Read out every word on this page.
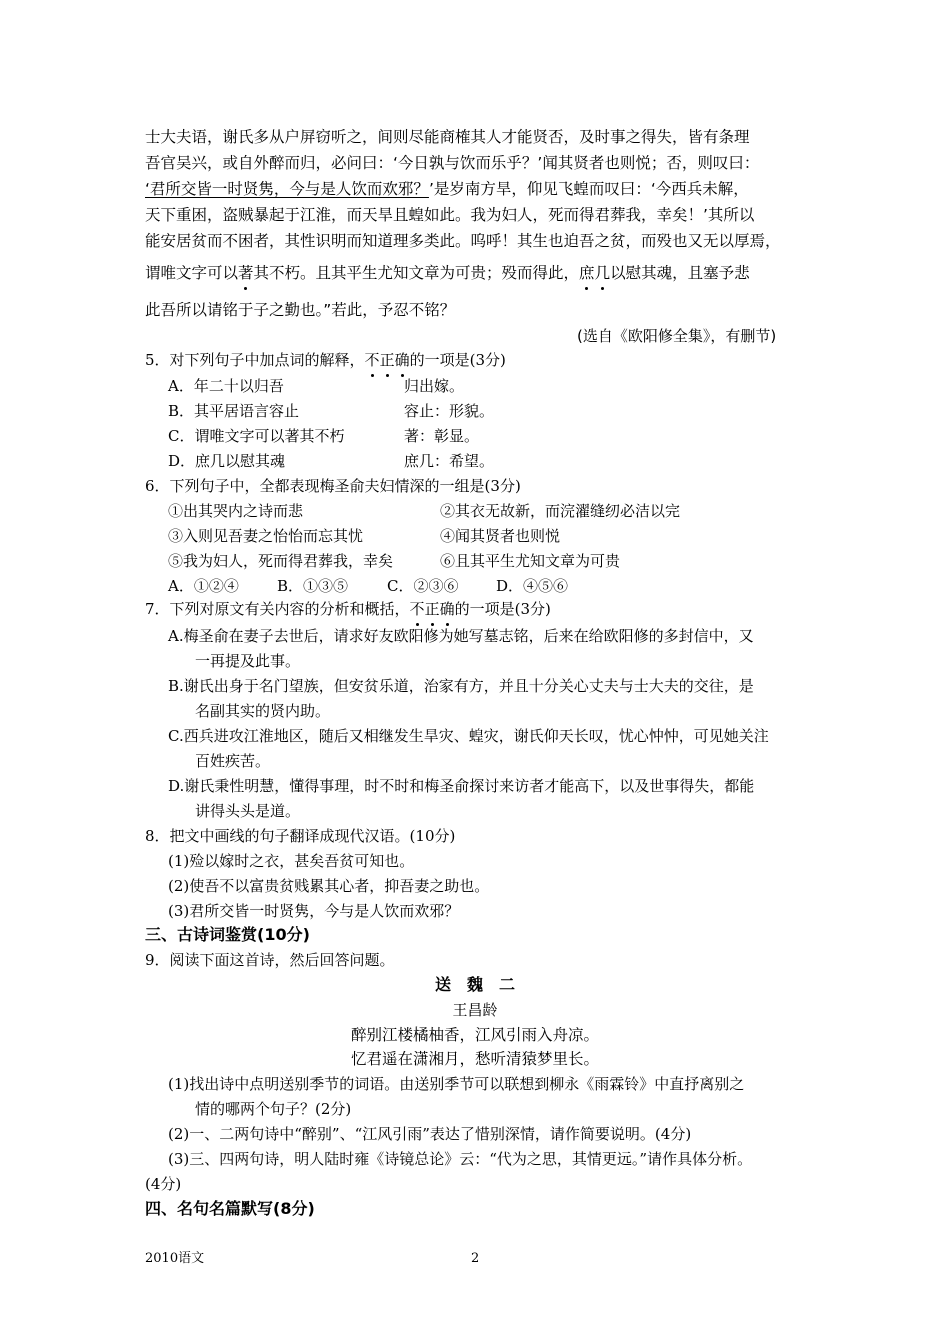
士大夫语，谢氏多从户屏窃听之，间则尽能商榷其人才能贤否，及时事之得失，皆有条理
吾官吴兴，或自外醉而归，必问曰：‘今日孰与饮而乐乎？’闻其贤者也则悦；否，则叹曰：
‘君所交皆一时贤隽，今与是人饮而欢邪？’是岁南方旱，仰见飞蝗而叹曰：‘今西兵未解，
天下重困，盗贼暴起于江淮，而天旱且蝗如此。我为妇人，死而得君葬我，幸矣！’其所以
能安居贫而不困者，其性识明而知道理多类此。呜呼！其生也迫吾之贫，而殁也又无以厚焉，
谓唯文字可以著其不朽。且其平生尤知文章为可贵；殁而得此，庶几以慰其魂，且塞予悲
此吾所以请铭于子之勤也。”若此，予忍不铭？
(选自《欧阳修全集》，有删节)
5．对下列句子中加点词的解释，不正确的一项是(3分)
A．年二十以归吾	归出嫁。
B．其平居语言容止	容止：形貌。
C．谓唯文字可以著其不朽	著：彰显。
D．庶几以慰其魂	庶几：希望。
6．下列句子中，全都表现梅圣俞夫妇情深的一组是(3分)
①出其哭内之诗而悲	②其衣无故新，而浣濯缝纫必洁以完
③入则见吾妻之怡怡而忘其忧	④闻其贤者也则悦
⑤我为妇人，死而得君葬我，幸矣	⑥且其平生尤知文章为可贵
A．①②④	B．①③⑤	C．②③⑥	D．④⑤⑥
7．下列对原文有关内容的分析和概括，不正确的一项是(3分)
A.梅圣俞在妻子去世后，请求好友欧阳修为她写墓志铭，后来在给欧阳修的多封信中，又
一再提及此事。
B.谢氏出身于名门望族，但安贫乐道，治家有方，并且十分关心丈夫与士大夫的交往，是
名副其实的贤内助。
C.西兵进攻江淮地区，随后又相继发生旱灾、蝗灾，谢氏仰天长叹，忧心忡忡，可见她关注
百姓疾苦。
D.谢氏秉性明慧，懂得事理，时不时和梅圣俞探讨来访者才能高下，以及世事得失，都能
讲得头头是道。
8．把文中画线的句子翻译成现代汉语。(10分)
(1)殓以嫁时之衣，甚矣吾贫可知也。
(2)使吾不以富贵贫贱累其心者，抑吾妻之助也。
(3)君所交皆一时贤隽，今与是人饮而欢邪？
三、古诗词鉴赏(10分)
9．阅读下面这首诗，然后回答问题。
送　魏　二
王昌龄
醉别江楼橘柚香，江风引雨入舟凉。
忆君遥在潇湘月，愁听清猿梦里长。
(1)找出诗中点明送别季节的词语。由送别季节可以联想到柳永《雨霖铃》中直抒离别之
情的哪两个句子？(2分)
(2)一、二两句诗中“醉别”、“江风引雨”表达了惜别深情，请作简要说明。(4分)
(3)三、四两句诗，明人陆时雍《诗镜总论》云：“代为之思，其情更远。”请作具体分析。
(4分)
四、名句名篇默写(8分)
2010语文	2
